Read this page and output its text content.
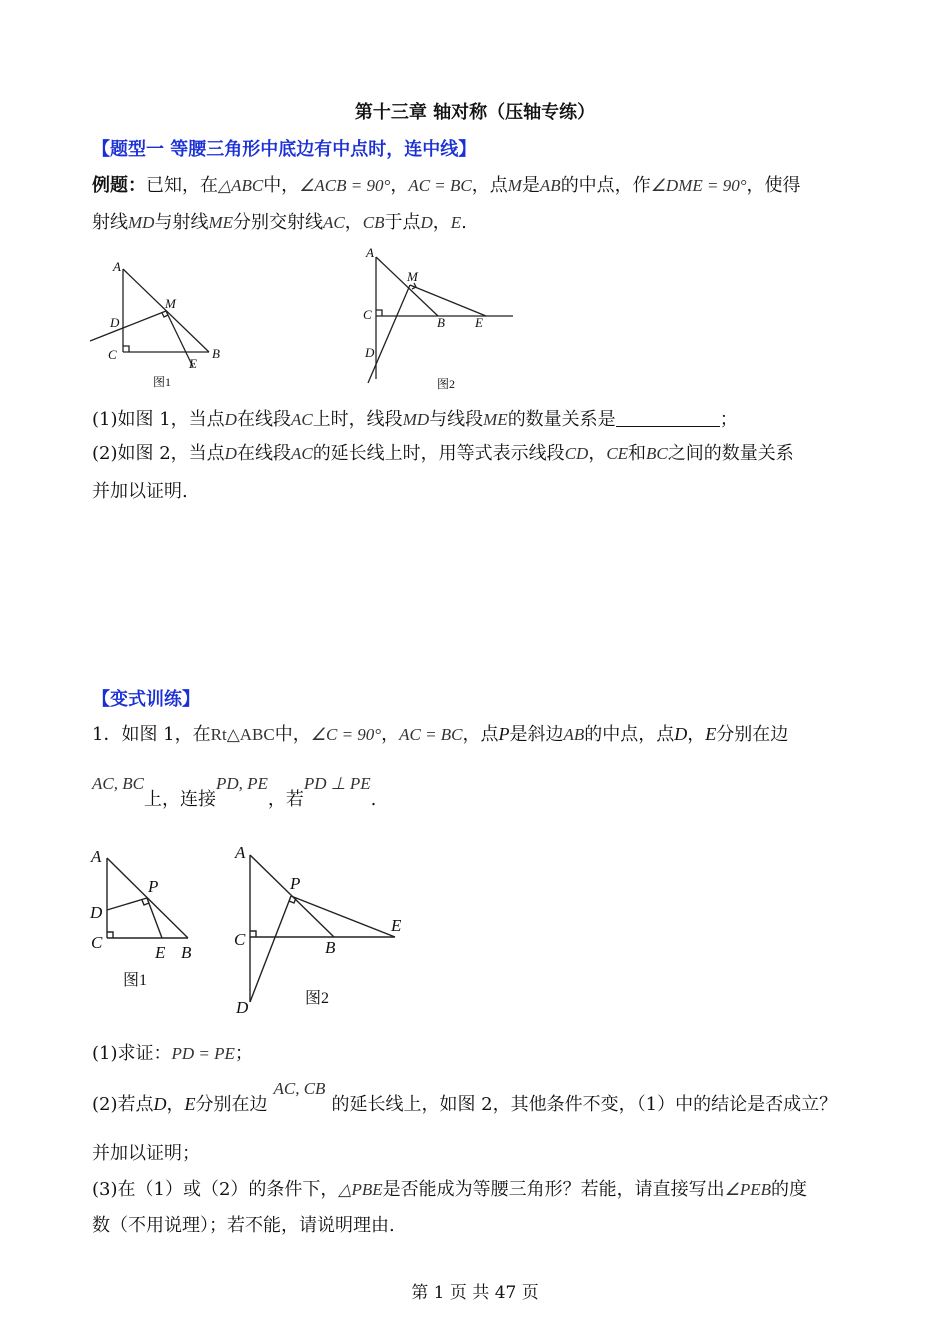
第十三章 轴对称（压轴专练）
【题型一 等腰三角形中底边有中点时，连中线】
例题：已知，在△ABC中，∠ACB = 90°，AC = BC，点M是AB的中点，作∠DME = 90°，使得
射线MD与射线ME分别交射线AC，CB于点D，E.
A
M
D
C	B
E
图1
A
M
C
B E
D
图2
(1)如图 1，当点D在线段AC上时，线段MD与线段ME的数量关系是	；
(2)如图 2，当点D在线段AC的延长线上时，用等式表示线段CD，CE和BC之间的数量关系
并加以证明.
【变式训练】
1．如图 1，在Rt△ABC中，∠C = 90°，AC = BC，点P是斜边AB的中点，点D，E分别在边
AC, BC上，连接PD, PE，若PD ⊥ PE.
A
P
D
C
E B
图1
A
P
C	B
E
D	图2
(1)求证：PD = PE；
(2)若点D，E分别在边AC, CB的延长线上，如图 2，其他条件不变，（1）中的结论是否成立？
并加以证明；
(3)在（1）或（2）的条件下，△PBE是否能成为等腰三角形？若能，请直接写出∠PEB的度
数（不用说理）；若不能，请说明理由.
第 1 页 共 47 页
